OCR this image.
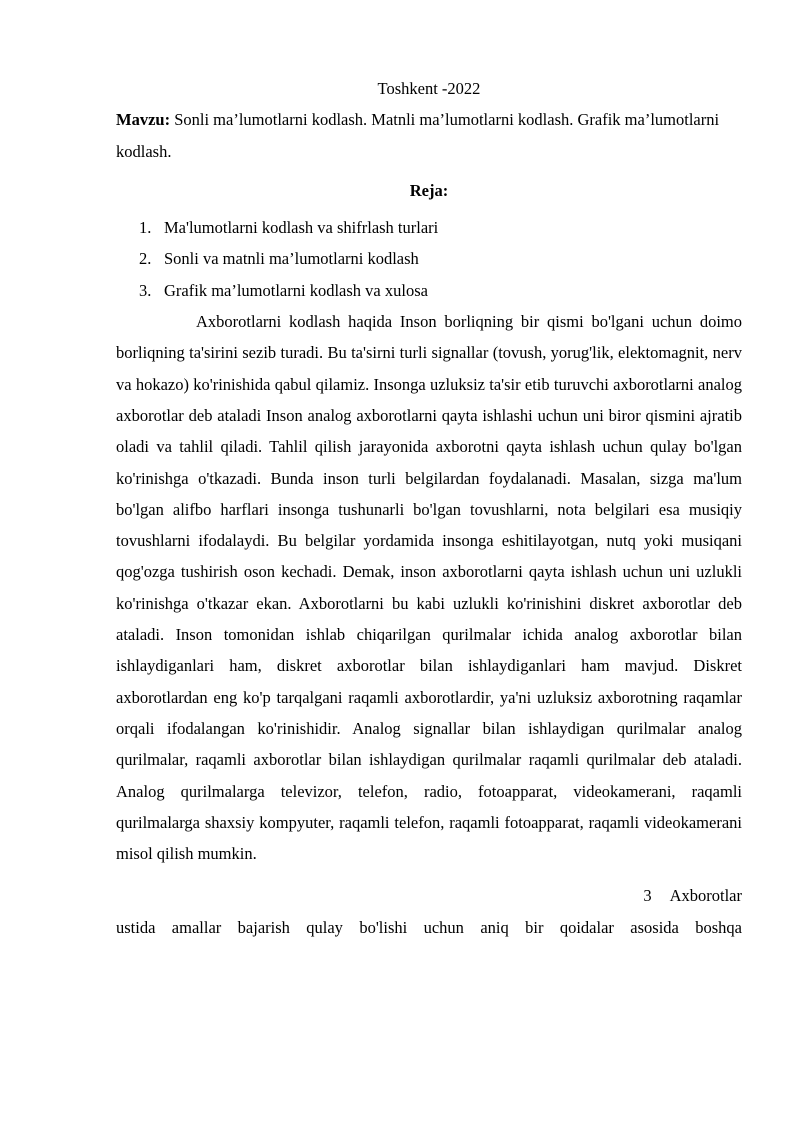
Toshkent -2022

Mavzu: Sonli ma’lumotlarni kodlash. Matnli ma’lumotlarni kodlash. Grafik ma’lumotlarni kodlash.

Reja:

1. Ma'lumotlarni kodlash va shifrlash turlari
2. Sonli va matnli ma’lumotlarni kodlash
3. Grafik ma’lumotlarni kodlash va xulosa

Axborotlarni kodlash haqida Inson borliqning bir qismi bo'lgani uchun doimo borliqning ta'sirini sezib turadi. Bu ta'sirni turli signallar (tovush, yorug'lik, elektomagnit, nerv va hokazo) ko'rinishida qabul qilamiz. Insonga uzluksiz ta'sir etib turuvchi axborotlarni analog axborotlar deb ataladi Inson analog axborotlarni qayta ishlashi uchun uni biror qismini ajratib oladi va tahlil qiladi. Tahlil qilish jarayonida axborotni qayta ishlash uchun qulay bo'lgan ko'rinishga o'tkazadi. Bunda inson turli belgilardan foydalanadi. Masalan, sizga ma'lum bo'lgan alifbo harflari insonga tushunarli bo'lgan tovushlarni, nota belgilari esa musiqiy tovushlarni ifodalaydi. Bu belgilar yordamida insonga eshitilayotgan, nutq yoki musiqani qog'ozga tushirish oson kechadi. Demak, inson axborotlarni qayta ishlash uchun uni uzlukli ko'rinishga o'tkazar ekan. Axborotlarni bu kabi uzlukli ko'rinishini diskret axborotlar deb ataladi. Inson tomonidan ishlab chiqarilgan qurilmalar ichida analog axborotlar bilan ishlaydiganlari ham, diskret axborotlar bilan ishlaydiganlari ham mavjud. Diskret axborotlardan eng ko'p tarqalgani raqamli axborotlardir, ya'ni uzluksiz axborotning raqamlar orqali ifodalangan ko'rinishidir. Analog signallar bilan ishlaydigan qurilmalar analog qurilmalar, raqamli axborotlar bilan ishlaydigan qurilmalar raqamli qurilmalar deb ataladi. Analog qurilmalarga televizor, telefon, radio, fotoapparat, videokamerani, raqamli qurilmalarga shaxsiy kompyuter, raqamli telefon, raqamli fotoapparat, raqamli videokamerani misol qilish mumkin.

3 Axborotlar

ustida amallar bajarish qulay bo'lishi uchun aniq bir qoidalar asosida boshqa
